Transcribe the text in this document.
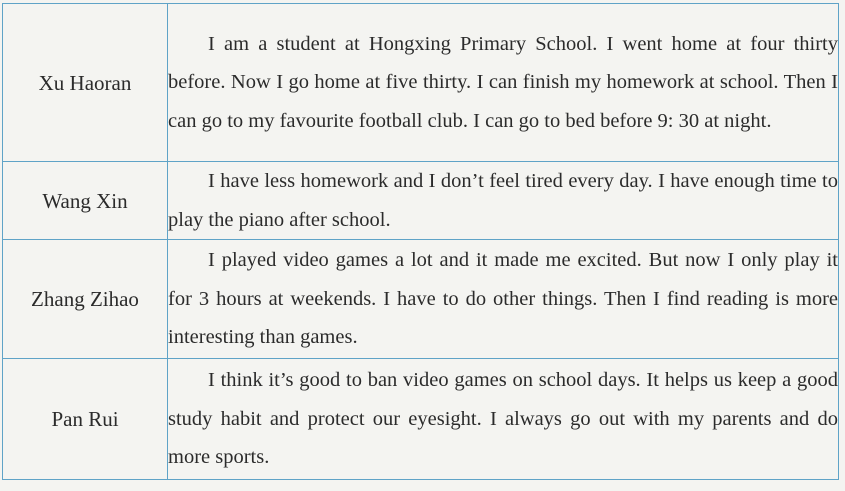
Xu Haoran	I am a student at Hongxing Primary School. I went home at four thirty before. Now I go home at five thirty. I can finish my homework at school. Then I can go to my favourite football club. I can go to bed before 9: 30 at night.
Wang Xin	I have less homework and I don’t feel tired every day. I have enough time to play the piano after school.
Zhang Zihao	I played video games a lot and it made me excited. But now I only play it for 3 hours at weekends. I have to do other things. Then I find reading is more interesting than games.
Pan Rui	I think it’s good to ban video games on school days. It helps us keep a good study habit and protect our eyesight. I always go out with my parents and do more sports.
